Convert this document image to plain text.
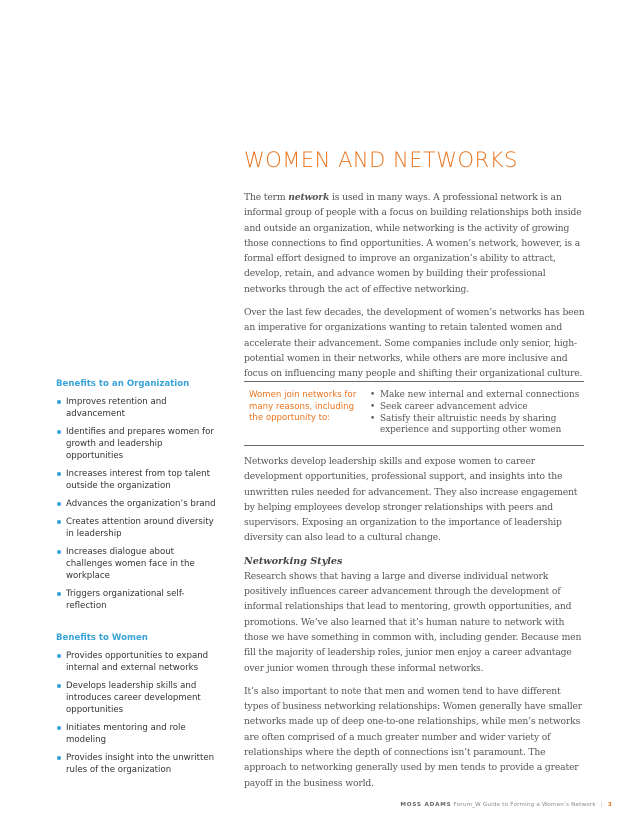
WOMEN AND NETWORKS

The term network is used in many ways. A professional network is an informal group of people with a focus on building relationships both inside and outside an organization, while networking is the activity of growing those connections to find opportunities. A women’s network, however, is a formal effort designed to improve an organization’s ability to attract, develop, retain, and advance women by building their professional networks through the act of effective networking.

Over the last few decades, the development of women’s networks has been an imperative for organizations wanting to retain talented women and accelerate their advancement. Some companies include only senior, high-potential women in their networks, while others are more inclusive and focus on influencing many people and shifting their organizational culture.

Women join networks for many reasons, including the opportunity to:
• Make new internal and external connections
• Seek career advancement advice
• Satisfy their altruistic needs by sharing experience and supporting other women

Networks develop leadership skills and expose women to career development opportunities, professional support, and insights into the unwritten rules needed for advancement. They also increase engagement by helping employees develop stronger relationships with peers and supervisors. Exposing an organization to the importance of leadership diversity can also lead to a cultural change.

Networking Styles

Research shows that having a large and diverse individual network positively influences career advancement through the development of informal relationships that lead to mentoring, growth opportunities, and promotions. We’ve also learned that it’s human nature to network with those we have something in common with, including gender. Because men fill the majority of leadership roles, junior men enjoy a career advantage over junior women through these informal networks.

It’s also important to note that men and women tend to have different types of business networking relationships: Women generally have smaller networks made up of deep one-to-one relationships, while men’s networks are often comprised of a much greater number and wider variety of relationships where the depth of connections isn’t paramount. The approach to networking generally used by men tends to provide a greater payoff in the business world.

Benefits to an Organization
Improves retention and advancement
Identifies and prepares women for growth and leadership opportunities
Increases interest from top talent outside the organization
Advances the organization’s brand
Creates attention around diversity in leadership
Increases dialogue about challenges women face in the workplace
Triggers organizational self-reflection
Benefits to Women
Provides opportunities to expand internal and external networks
Develops leadership skills and introduces career development opportunities
Initiates mentoring and role modeling
Provides insight into the unwritten rules of the organization
MOSS ADAMS Forum_W Guide to Forming a Women’s Network | 3
